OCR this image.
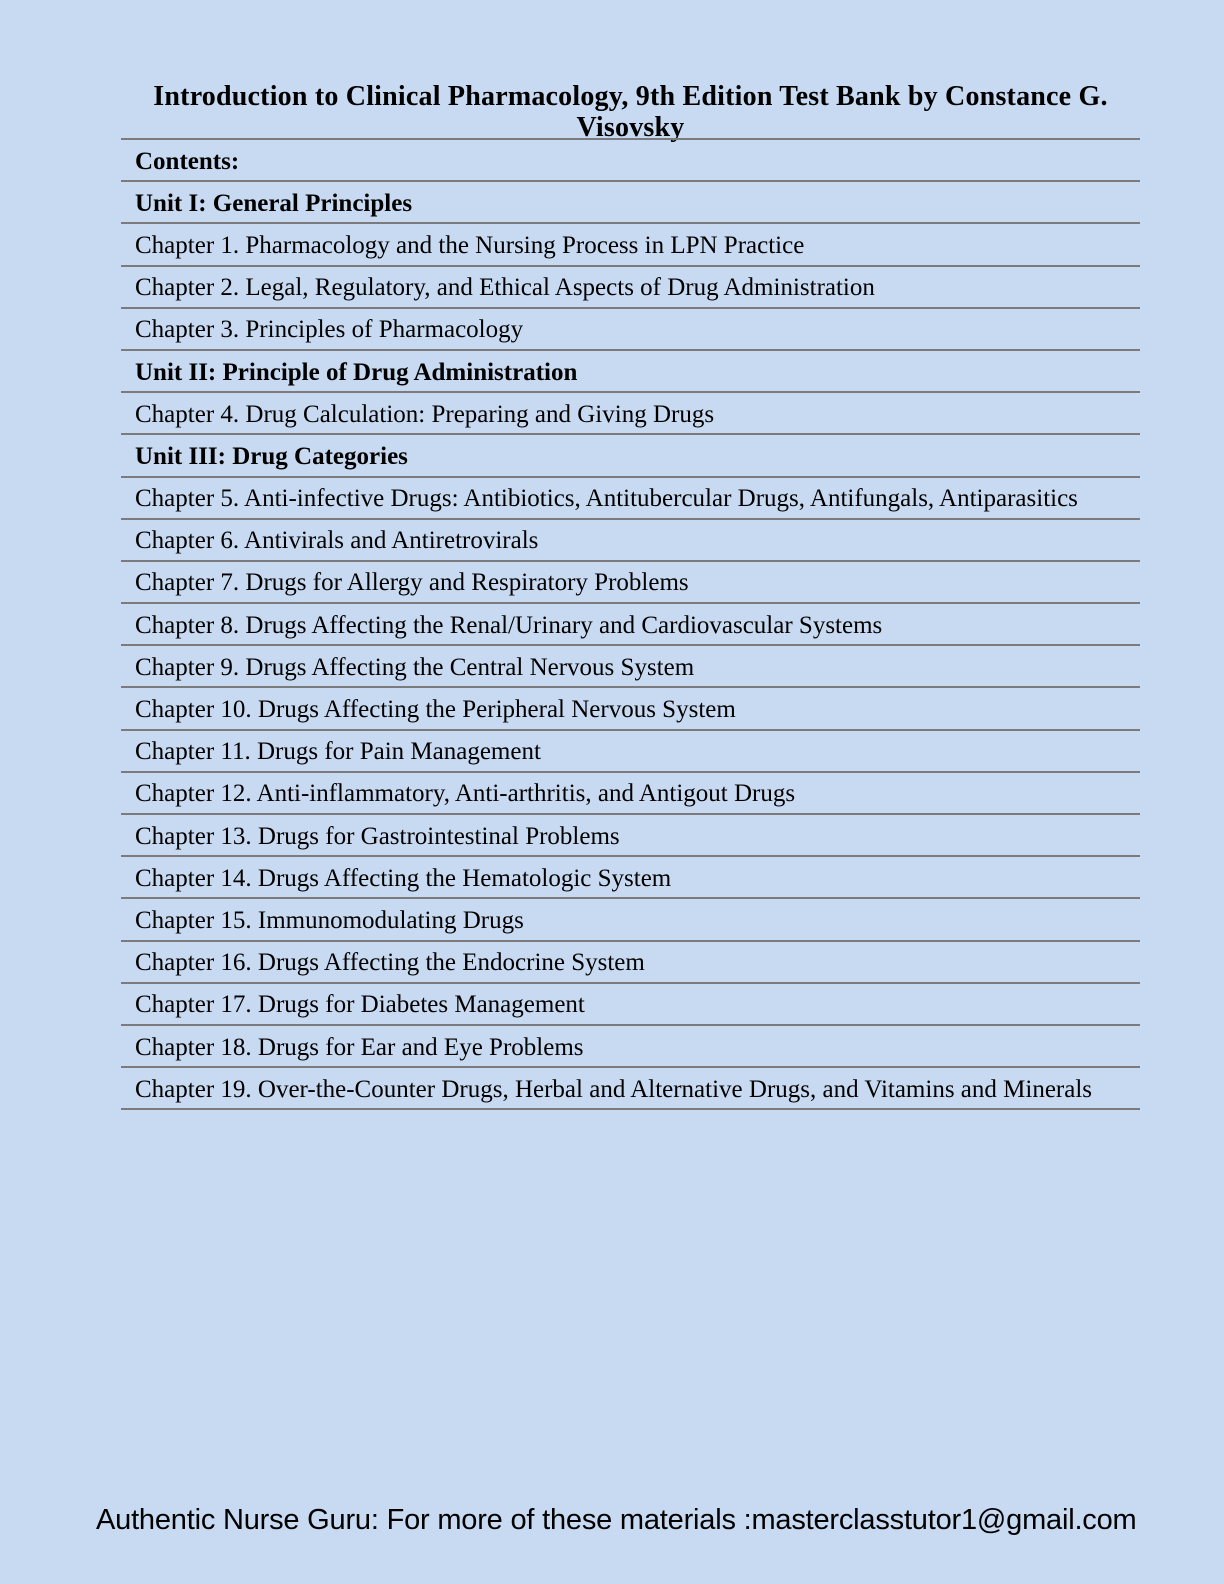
Introduction to Clinical Pharmacology, 9th Edition Test Bank by Constance G. Visovsky
Contents:
Unit I: General Principles
Chapter 1. Pharmacology and the Nursing Process in LPN Practice
Chapter 2. Legal, Regulatory, and Ethical Aspects of Drug Administration
Chapter 3. Principles of Pharmacology
Unit II: Principle of Drug Administration
Chapter 4. Drug Calculation: Preparing and Giving Drugs
Unit III: Drug Categories
Chapter 5. Anti-infective Drugs: Antibiotics, Antitubercular Drugs, Antifungals, Antiparasitics
Chapter 6. Antivirals and Antiretrovirals
Chapter 7. Drugs for Allergy and Respiratory Problems
Chapter 8. Drugs Affecting the Renal/Urinary and Cardiovascular Systems
Chapter 9. Drugs Affecting the Central Nervous System
Chapter 10. Drugs Affecting the Peripheral Nervous System
Chapter 11. Drugs for Pain Management
Chapter 12. Anti-inflammatory, Anti-arthritis, and Antigout Drugs
Chapter 13. Drugs for Gastrointestinal Problems
Chapter 14. Drugs Affecting the Hematologic System
Chapter 15. Immunomodulating Drugs
Chapter 16. Drugs Affecting the Endocrine System
Chapter 17. Drugs for Diabetes Management
Chapter 18. Drugs for Ear and Eye Problems
Chapter 19. Over-the-Counter Drugs, Herbal and Alternative Drugs, and Vitamins and Minerals
Authentic Nurse Guru: For more of these materials :masterclasstutor1@gmail.com
